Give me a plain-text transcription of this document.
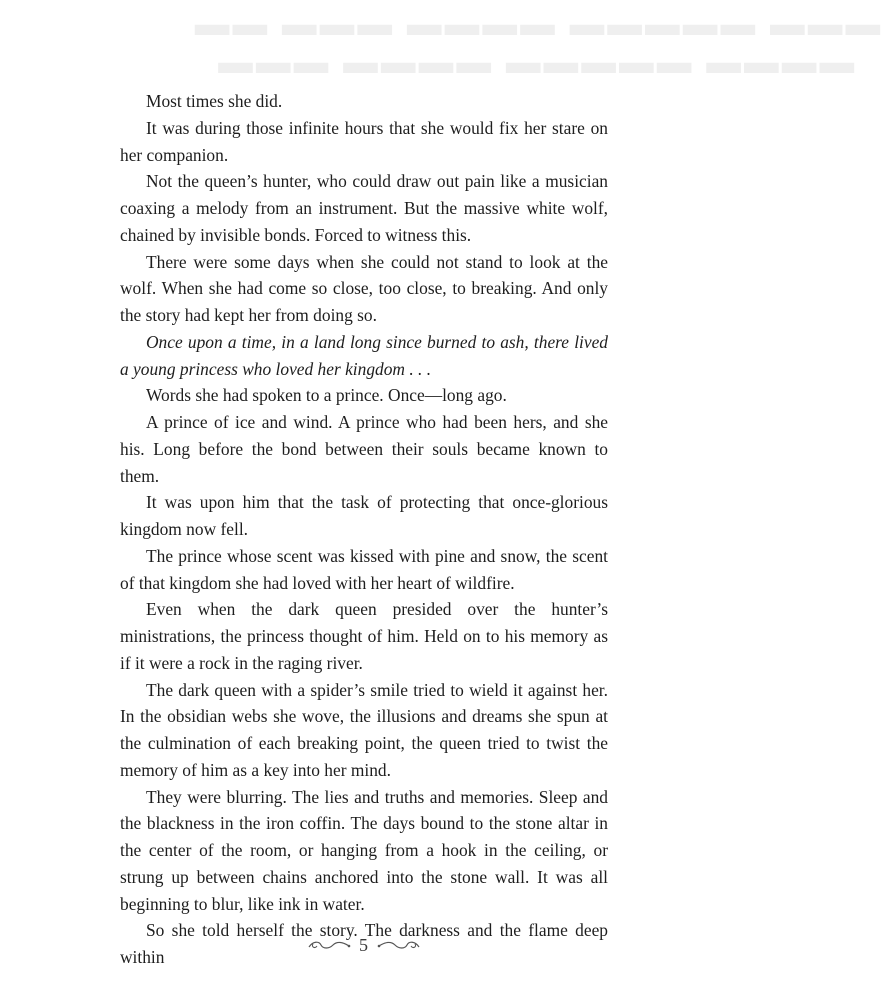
▬▬ ▬▬▬ ▬▬▬▬ ▬▬▬▬▬ ▬▬▬
▬▬▬ ▬▬▬▬ ▬▬▬▬▬ ▬▬▬▬

Most times she did.

It was during those infinite hours that she would fix her stare on her companion.

Not the queen’s hunter, who could draw out pain like a musician coaxing a melody from an instrument. But the massive white wolf, chained by invisible bonds. Forced to witness this.

There were some days when she could not stand to look at the wolf. When she had come so close, too close, to breaking. And only the story had kept her from doing so.

Once upon a time, in a land long since burned to ash, there lived a young princess who loved her kingdom . . .

Words she had spoken to a prince. Once—long ago.

A prince of ice and wind. A prince who had been hers, and she his. Long before the bond between their souls became known to them.

It was upon him that the task of protecting that once-glorious kingdom now fell.

The prince whose scent was kissed with pine and snow, the scent of that kingdom she had loved with her heart of wildfire.

Even when the dark queen presided over the hunter’s ministrations, the princess thought of him. Held on to his memory as if it were a rock in the raging river.

The dark queen with a spider’s smile tried to wield it against her. In the obsidian webs she wove, the illusions and dreams she spun at the culmination of each breaking point, the queen tried to twist the memory of him as a key into her mind.

They were blurring. The lies and truths and memories. Sleep and the blackness in the iron coffin. The days bound to the stone altar in the center of the room, or hanging from a hook in the ceiling, or strung up between chains anchored into the stone wall. It was all beginning to blur, like ink in water.

So she told herself the story. The darkness and the flame deep within

5
